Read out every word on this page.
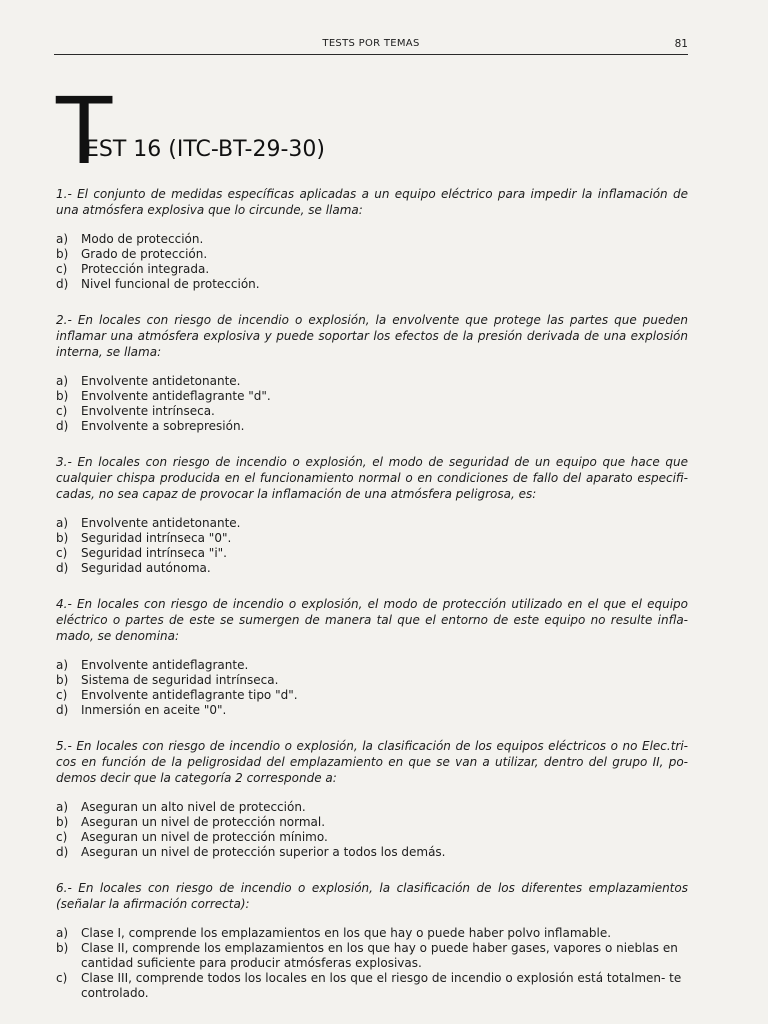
TESTS POR TEMAS	81
T
EST 16 (ITC-BT-29-30)

1.- El conjunto de medidas específicas aplicadas a un equipo eléctrico para impedir la inflamación de una atmósfera explosiva que lo circunde, se llama:

a) Modo de protección.
b) Grado de protección.
c) Protección integrada.
d) Nivel funcional de protección.

2.- En locales con riesgo de incendio o explosión, la envolvente que protege las partes que pueden inflamar una atmósfera explosiva y puede soportar los efectos de la presión derivada de una explosión interna, se llama:

a) Envolvente antidetonante.
b) Envolvente antideflagrante "d".
c) Envolvente intrínseca.
d) Envolvente a sobrepresión.

3.- En locales con riesgo de incendio o explosión, el modo de seguridad de un equipo que hace que cualquier chispa producida en el funcionamiento normal o en condiciones de fallo del aparato especifi- cadas, no sea capaz de provocar la inflamación de una atmósfera peligrosa, es:

a) Envolvente antidetonante.
b) Seguridad intrínseca "0".
c) Seguridad intrínseca "i".
d) Seguridad autónoma.

4.- En locales con riesgo de incendio o explosión, el modo de protección utilizado en el que el equipo eléctrico o partes de este se sumergen de manera tal que el entorno de este equipo no resulte infla- mado, se denomina:

a) Envolvente antideflagrante.
b) Sistema de seguridad intrínseca.
c) Envolvente antideflagrante tipo "d".
d) Inmersión en aceite "0".

5.- En locales con riesgo de incendio o explosión, la clasificación de los equipos eléctricos o no Elec.tri- cos en función de la peligrosidad del emplazamiento en que se van a utilizar, dentro del grupo II, po- demos decir que la categoría 2 corresponde a:

a) Aseguran un alto nivel de protección.
b) Aseguran un nivel de protección normal.
c) Aseguran un nivel de protección mínimo.
d) Aseguran un nivel de protección superior a todos los demás.

6.- En locales con riesgo de incendio o explosión, la clasificación de los diferentes emplazamientos (señalar la afirmación correcta):

a) Clase I, comprende los emplazamientos en los que hay o puede haber polvo inflamable.
b) Clase II, comprende los emplazamientos en los que hay o puede haber gases, vapores o nieblas en cantidad suficiente para producir atmósferas explosivas.
c) Clase III, comprende todos los locales en los que el riesgo de incendio o explosión está totalmen- te controlado.
